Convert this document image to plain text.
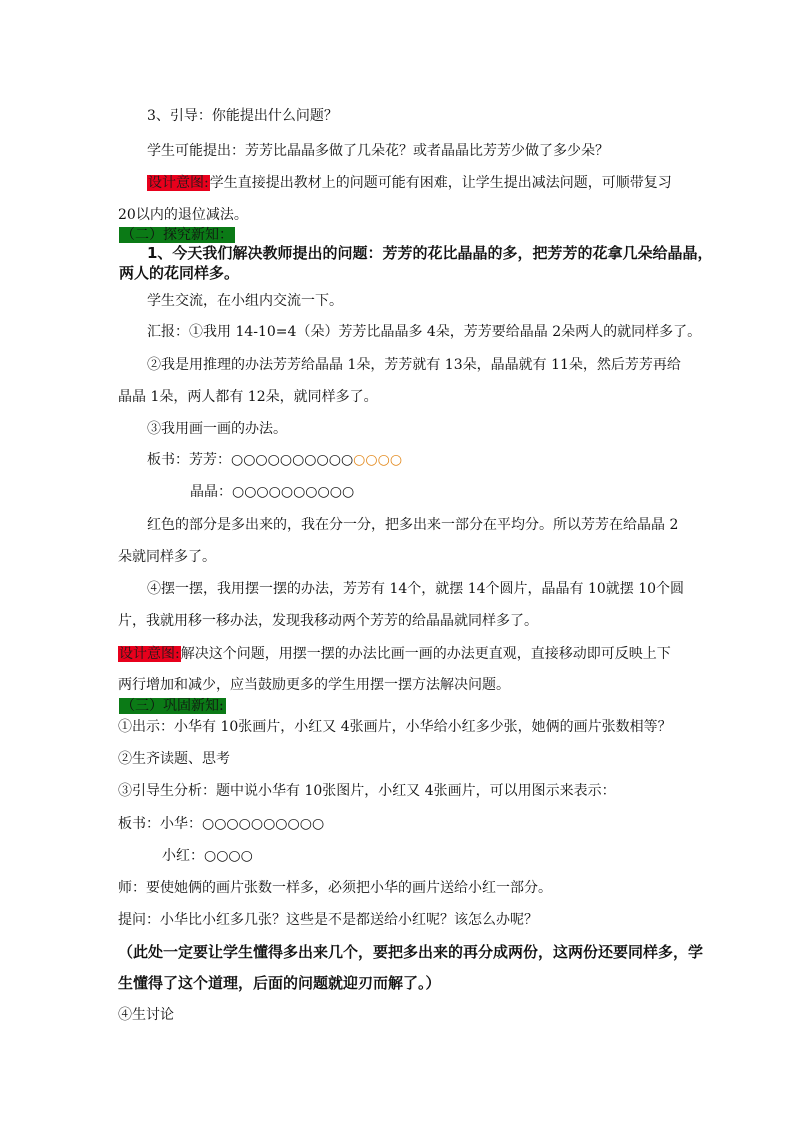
3、引导：你能提出什么问题？
学生可能提出：芳芳比晶晶多做了几朵花？或者晶晶比芳芳少做了多少朵？
设计意图:学生直接提出教材上的问题可能有困难，让学生提出减法问题，可顺带复习
20以内的退位减法。
（二）探究新知：
1、今天我们解决教师提出的问题：芳芳的花比晶晶的多，把芳芳的花拿几朵给晶晶，
两人的花同样多。
学生交流，在小组内交流一下。
汇报：①我用 14-10=4（朵）芳芳比晶晶多 4朵，芳芳要给晶晶 2朵两人的就同样多了。
②我是用推理的办法芳芳给晶晶 1朵，芳芳就有 13朵，晶晶就有 11朵，然后芳芳再给
晶晶 1朵，两人都有 12朵，就同样多了。
③我用画一画的办法。
板书：芳芳：○○○○○○○○○○○○○○
晶晶：○○○○○○○○○○
红色的部分是多出来的，我在分一分，把多出来一部分在平均分。所以芳芳在给晶晶 2
朵就同样多了。
④摆一摆，我用摆一摆的办法，芳芳有 14个，就摆 14个圆片，晶晶有 10就摆 10个圆
片，我就用移一移办法，发现我移动两个芳芳的给晶晶就同样多了。
设计意图:解决这个问题，用摆一摆的办法比画一画的办法更直观，直接移动即可反映上下
两行增加和减少，应当鼓励更多的学生用摆一摆方法解决问题。
（三）巩固新知:
①出示：小华有 10张画片，小红又 4张画片，小华给小红多少张，她俩的画片张数相等？
②生齐读题、思考
③引导生分析：题中说小华有 10张图片，小红又 4张画片，可以用图示来表示：
板书：小华：○○○○○○○○○○
小红：○○○○
师：要使她俩的画片张数一样多，必须把小华的画片送给小红一部分。
提问：小华比小红多几张？这些是不是都送给小红呢？该怎么办呢？
（此处一定要让学生懂得多出来几个，要把多出来的再分成两份，这两份还要同样多，学
生懂得了这个道理，后面的问题就迎刃而解了。）
④生讨论
